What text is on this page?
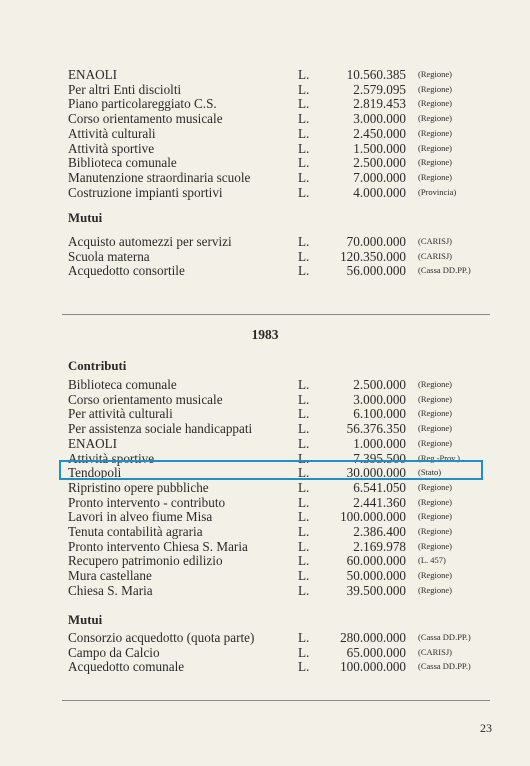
ENAOLI	L.	10.560.385 (Regione)
Per altri Enti disciolti	L.	2.579.095 (Regione)
Piano particolareggiato C.S.	L.	2.819.453 (Regione)
Corso orientamento musicale	L.	3.000.000 (Regione)
Attività culturali	L.	2.450.000 (Regione)
Attività sportive	L.	1.500.000 (Regione)
Biblioteca comunale	L.	2.500.000 (Regione)
Manutenzione straordinaria scuole	L.	7.000.000 (Regione)
Costruzione impianti sportivi	L.	4.000.000 (Provincia)
Mutui
Acquisto automezzi per servizi	L.	70.000.000 (CARISJ)
Scuola materna	L.	120.350.000 (CARISJ)
Acquedotto consortile	L.	56.000.000 (Cassa DD.PP.)
1983
Contributi
Biblioteca comunale	L.	2.500.000 (Regione)
Corso orientamento musicale	L.	3.000.000 (Regione)
Per attività culturali	L.	6.100.000 (Regione)
Per assistenza sociale handicappati	L.	56.376.350 (Regione)
ENAOLI	L.	1.000.000 (Regione)
Attività sportive	L.	7.395.500 (Reg.-Prov.)
Tendopoli	L.	30.000.000 (Stato)
Ripristino opere pubbliche	L.	6.541.050 (Regione)
Pronto intervento - contributo	L.	2.441.360 (Regione)
Lavori in alveo fiume Misa	L.	100.000.000 (Regione)
Tenuta contabilità agraria	L.	2.386.400 (Regione)
Pronto intervento Chiesa S. Maria	L.	2.169.978 (Regione)
Recupero patrimonio edilizio	L.	60.000.000 (L. 457)
Mura castellane	L.	50.000.000 (Regione)
Chiesa S. Maria	L.	39.500.000 (Regione)
Mutui
Consorzio acquedotto (quota parte)	L.	280.000.000 (Cassa DD.PP.)
Campo da Calcio	L.	65.000.000 (CARISJ)
Acquedotto comunale	L.	100.000.000 (Cassa DD.PP.)
23
